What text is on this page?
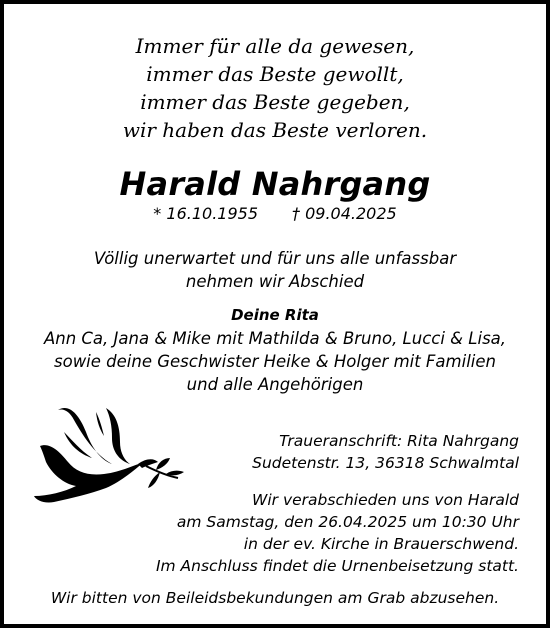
Immer für alle da gewesen,
immer das Beste gewollt,
immer das Beste gegeben,
wir haben das Beste verloren.
Harald Nahrgang
* 16.10.1955 † 09.04.2025
Völlig unerwartet und für uns alle unfassbar
nehmen wir Abschied
Deine Rita
Ann Ca, Jana & Mike mit Mathilda & Bruno, Lucci & Lisa,
sowie deine Geschwister Heike & Holger mit Familien
und alle Angehörigen
Traueranschrift: Rita Nahrgang
Sudetenstr. 13, 36318 Schwalmtal
Wir verabschieden uns von Harald
am Samstag, den 26.04.2025 um 10:30 Uhr
in der ev. Kirche in Brauerschwend.
Im Anschluss findet die Urnenbeisetzung statt.
Wir bitten von Beileidsbekundungen am Grab abzusehen.
